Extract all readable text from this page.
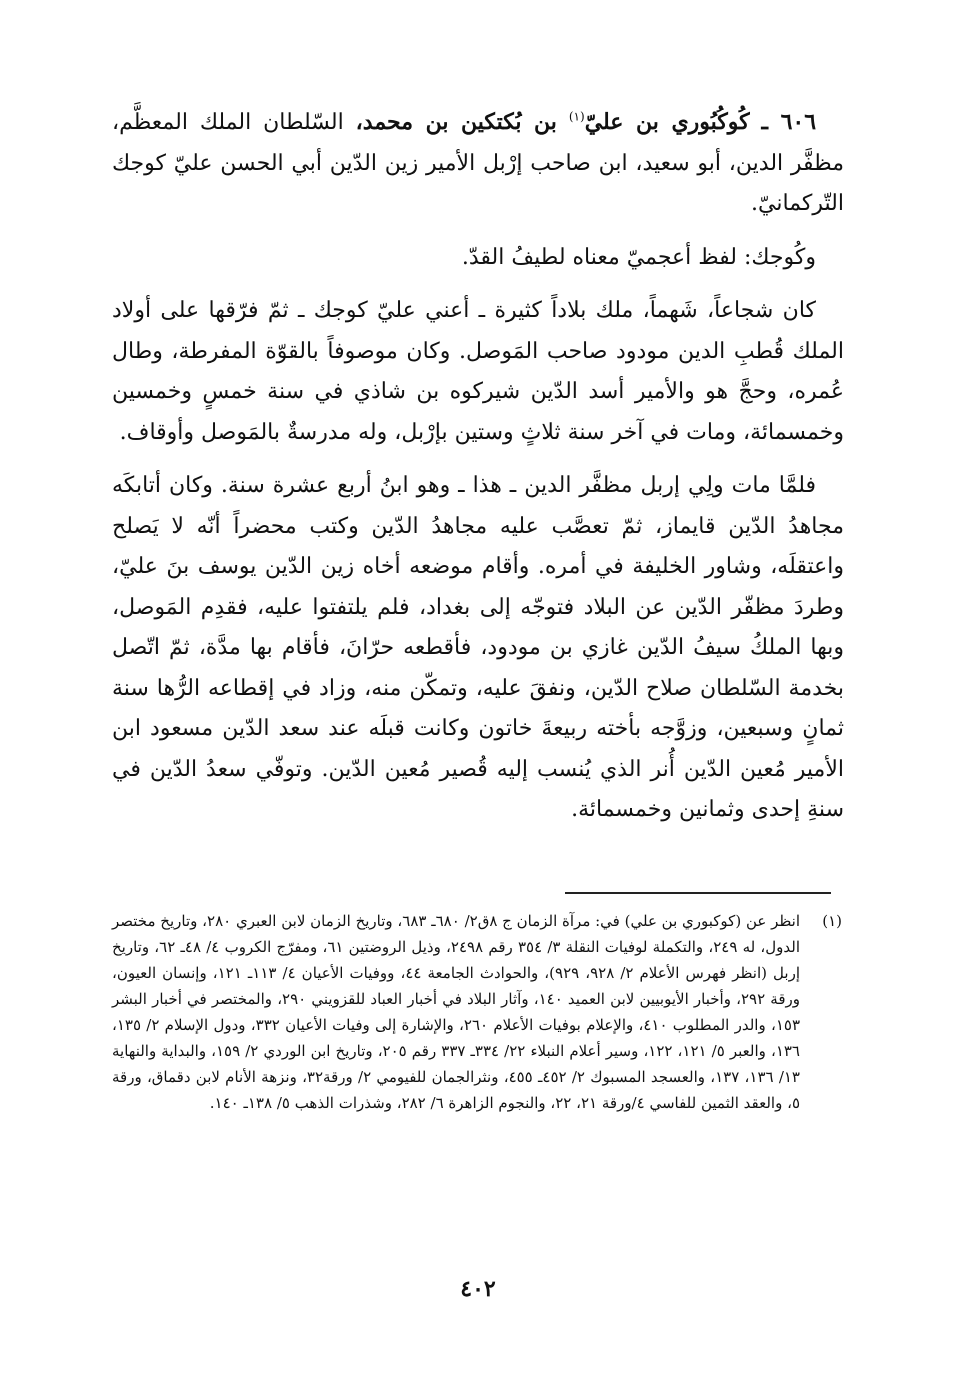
٦٠٦ ـ كُوكُبُوري بن عليّ$^{(١)}$ بن بُكتكين بن محمد، السّلطان الملك المعظَّم، مظفَّر الدين، أبو سعيد، ابن صاحب إرْبل الأمير زين الدّين أبي الحسن عليّ كوجك التّركمانيّ.

وكُوجك: لفظ أعجميّ معناه لطيفُ القدّ.

كان شجاعاً، شَهماً، ملك بلاداً كثيرة ـ أعني عليّ كوجك ـ ثمّ فرّقها على أولاد الملك قُطبِ الدين مودود صاحب المَوصل. وكان موصوفاً بالقوّة المفرطة، وطال عُمره، وحجَّ هو والأمير أسد الدّين شيركوه بن شاذي في سنة خمسٍ وخمسين وخمسمائة، ومات في آخر سنة ثلاثٍ وستين بإرْبل، وله مدرسةٌ بالمَوصل وأوقاف.

فلمَّا مات ولِي إربل مظفَّر الدين ـ هذا ـ وهو ابنُ أربع عشرة سنة. وكان أتابكَه مجاهدُ الدّين قايماز، ثمّ تعصَّب عليه مجاهدُ الدّين وكتب محضراً أنّه لا يَصلح واعتقلَه، وشاور الخليفة في أمره. وأقام موضعه أخاه زين الدّين يوسف بنَ عليّ، وطردَ مظفّر الدّين عن البلاد فتوجّه إلى بغداد، فلم يلتفتوا عليه، فقدِم المَوصل، وبها الملكُ سيفُ الدّين غازي بن مودود، فأقطعه حرّانَ، فأقام بها مدَّة، ثمّ اتّصل بخدمة السّلطان صلاح الدّين، ونفقَ عليه، وتمكّن منه، وزاد في إقطاعه الرُّها سنة ثمانٍ وسبعين، وزوَّجه بأخته ربيعةَ خاتون وكانت قبلَه عند سعد الدّين مسعود ابن الأمير مُعين الدّين أُنر الذي يُنسب إليه قُصير مُعين الدّين. وتوفّي سعدُ الدّين في سنةِ إحدى وثمانين وخمسمائة.

(١)
انظر عن (كوكبوري بن علي) في: مرآة الزمان ج ٨ق٢/ ٦٨٠ـ ٦٨٣، وتاريخ الزمان لابن العبري ٢٨٠، وتاريخ مختصر الدول، له ٢٤٩، والتكملة لوفيات النقلة ٣/ ٣٥٤ رقم ٢٤٩٨، وذيل الروضتين ٦١، ومفرّج الكروب ٤/ ٤٨ـ ٦٢، وتاريخ إربل (انظر فهرس الأعلام ٢/ ٩٢٨، ٩٢٩)، والحوادث الجامعة ٤٤، ووفيات الأعيان ٤/ ١١٣ـ ١٢١، وإنسان العيون، ورقة ٢٩٢، وأخبار الأيوبيين لابن العميد ١٤٠، وآثار البلاد في أخبار العباد للقزويني ٢٩٠، والمختصر في أخبار البشر ١٥٣، والدر المطلوب ٤١٠، والإعلام بوفيات الأعلام ٢٦٠، والإشارة إلى وفيات الأعيان ٣٣٢، ودول الإسلام ٢/ ١٣٥، ١٣٦، والعبر ٥/ ١٢١، ١٢٢، وسير أعلام النبلاء ٢٢/ ٣٣٤ـ ٣٣٧ رقم ٢٠٥، وتاريخ ابن الوردي ٢/ ١٥٩، والبداية والنهاية ١٣/ ١٣٦، ١٣٧، والعسجد المسبوك ٢/ ٤٥٢ـ ٤٥٥، ونثرالجمان للفيومي ٢/ ورقة٣٢، ونزهة الأنام لابن دقماق، ورقة ٥، والعقد الثمين للفاسي ٤/ورقة ٢١، ٢٢، والنجوم الزاهرة ٦/ ٢٨٢، وشذرات الذهب ٥/ ١٣٨ـ ١٤٠.
٤٠٢
